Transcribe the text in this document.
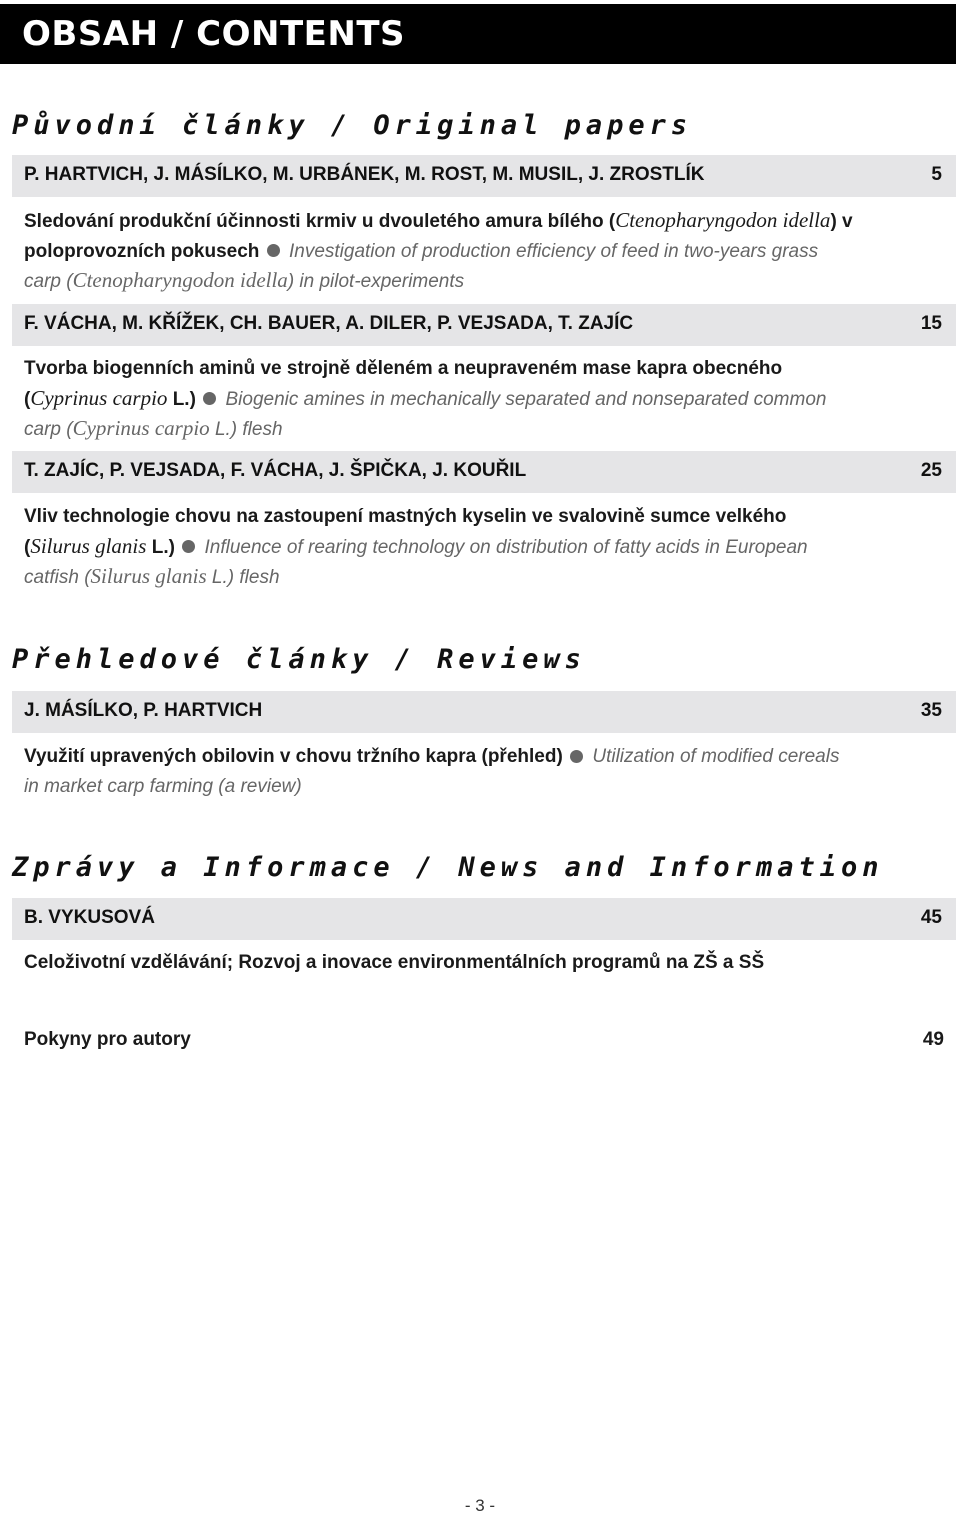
OBSAH / CONTENTS
Původní články / Original papers
P. HARTVICH, J. MÁSÍLKO, M. URBÁNEK, M. ROST, M. MUSIL, J. ZROSTLÍK	5
Sledování produkční účinnosti krmiv u dvouletého amura bílého (Ctenopharyngodon idella) v poloprovozních pokusech Investigation of production efficiency of feed in two-years grass carp (Ctenopharyngodon idella) in pilot-experiments
F. VÁCHA, M. KŘÍŽEK, CH. BAUER, A. DILER, P. VEJSADA, T. ZAJÍC	15
Tvorba biogenních aminů ve strojně děleném a neupraveném mase kapra obecného (Cyprinus carpio L.) Biogenic amines in mechanically separated and nonseparated common carp (Cyprinus carpio L.) flesh
T. ZAJÍC, P. VEJSADA, F. VÁCHA, J. ŠPIČKA, J. KOUŘIL	25
Vliv technologie chovu na zastoupení mastných kyselin ve svalovině sumce velkého (Silurus glanis L.) Influence of rearing technology on distribution of fatty acids in European catfish (Silurus glanis L.) flesh
Přehledové články / Reviews
J. MÁSÍLKO, P. HARTVICH	35
Využití upravených obilovin v chovu tržního kapra (přehled) Utilization of modified cereals in market carp farming (a review)
Zprávy a Informace / News and Information
B. VYKUSOVÁ	45
Celoživotní vzdělávání; Rozvoj a inovace environmentálních programů na ZŠ a SŠ
Pokyny pro autory	49
- 3 -
